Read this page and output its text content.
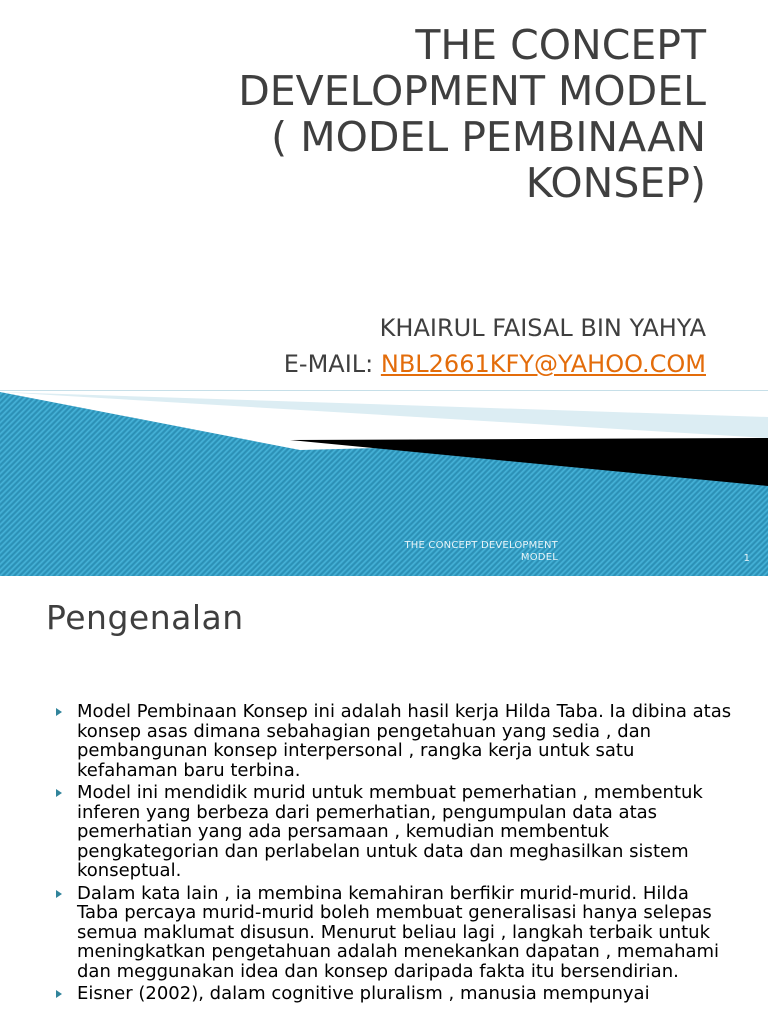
THE CONCEPT
DEVELOPMENT MODEL
( MODEL PEMBINAAN
KONSEP)
KHAIRUL FAISAL BIN YAHYA
E-MAIL: NBL2661KFY@YAHOO.COM
THE CONCEPT DEVELOPMENT
MODEL	1
Pengenalan
Model Pembinaan Konsep ini adalah hasil kerja Hilda Taba. Ia dibina atas konsep asas dimana sebahagian pengetahuan yang sedia , dan pembangunan konsep interpersonal , rangka kerja untuk satu kefahaman baru terbina.
Model ini mendidik murid untuk membuat pemerhatian , membentuk inferen yang berbeza dari pemerhatian, pengumpulan data atas pemerhatian yang ada persamaan , kemudian membentuk pengkategorian dan perlabelan untuk data dan meghasilkan sistem konseptual.
Dalam kata lain , ia membina kemahiran berfikir murid-murid. Hilda Taba percaya murid-murid boleh membuat generalisasi hanya selepas semua maklumat disusun. Menurut beliau lagi , langkah terbaik untuk meningkatkan pengetahuan adalah menekankan dapatan , memahami dan meggunakan idea dan konsep daripada fakta itu bersendirian.
Eisner (2002), dalam cognitive pluralism , manusia mempunyai
